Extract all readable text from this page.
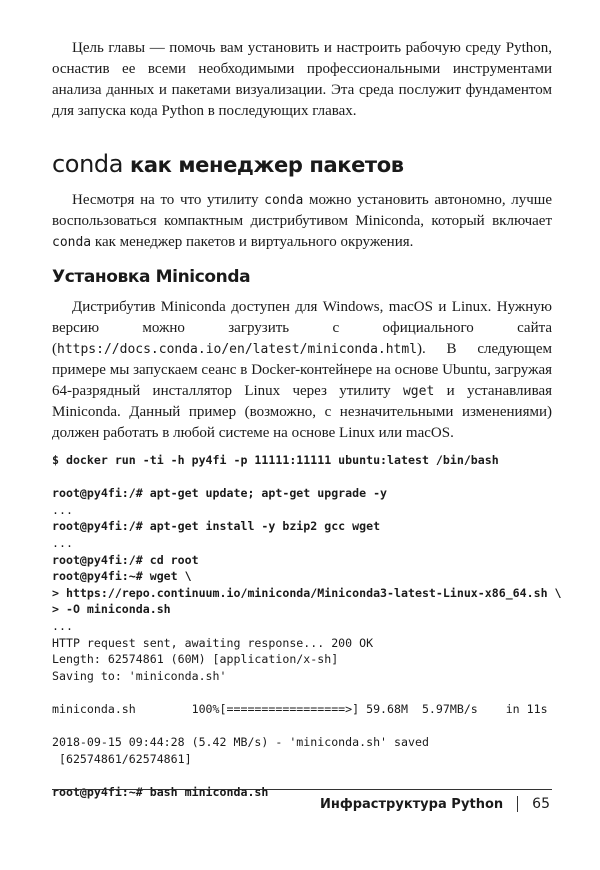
Цель главы — помочь вам установить и настроить рабочую среду Python, оснастив ее всеми необходимыми профессиональными инструментами анализа данных и пакетами визуализации. Эта среда послужит фундаментом для запуска кода Python в последующих главах.

conda как менеджер пакетов

Несмотря на то что утилиту conda можно установить автономно, лучше воспользоваться компактным дистрибутивом Miniconda, который включает conda как менеджер пакетов и виртуального окружения.

Установка Miniconda

Дистрибутив Miniconda доступен для Windows, macOS и Linux. Нужную версию можно загрузить с официального сайта (https://docs.conda.io/en/latest/miniconda.html). В следующем примере мы запускаем сеанс в Docker-контейнере на основе Ubuntu, загружая 64-разрядный инсталлятор Linux через утилиту wget и устанавливая Miniconda. Данный пример (возможно, с незначительными изменениями) должен работать в любой системе на основе Linux или macOS.

$ docker run -ti -h py4fi -p 11111:11111 ubuntu:latest /bin/bash
root@py4fi:/# apt-get update; apt-get upgrade -y
...
root@py4fi:/# apt-get install -y bzip2 gcc wget
...
root@py4fi:/# cd root
root@py4fi:~# wget \
> https://repo.continuum.io/miniconda/Miniconda3-latest-Linux-x86_64.sh \
> -O miniconda.sh
...
HTTP request sent, awaiting response... 200 OK
Length: 62574861 (60M) [application/x-sh]
Saving to: 'miniconda.sh'
miniconda.sh        100%[=================>] 59.68M  5.97MB/s    in 11s
2018-09-15 09:44:28 (5.42 MB/s) - 'miniconda.sh' saved
[62574861/62574861]
root@py4fi:~# bash miniconda.sh
Инфраструктура Python 65
